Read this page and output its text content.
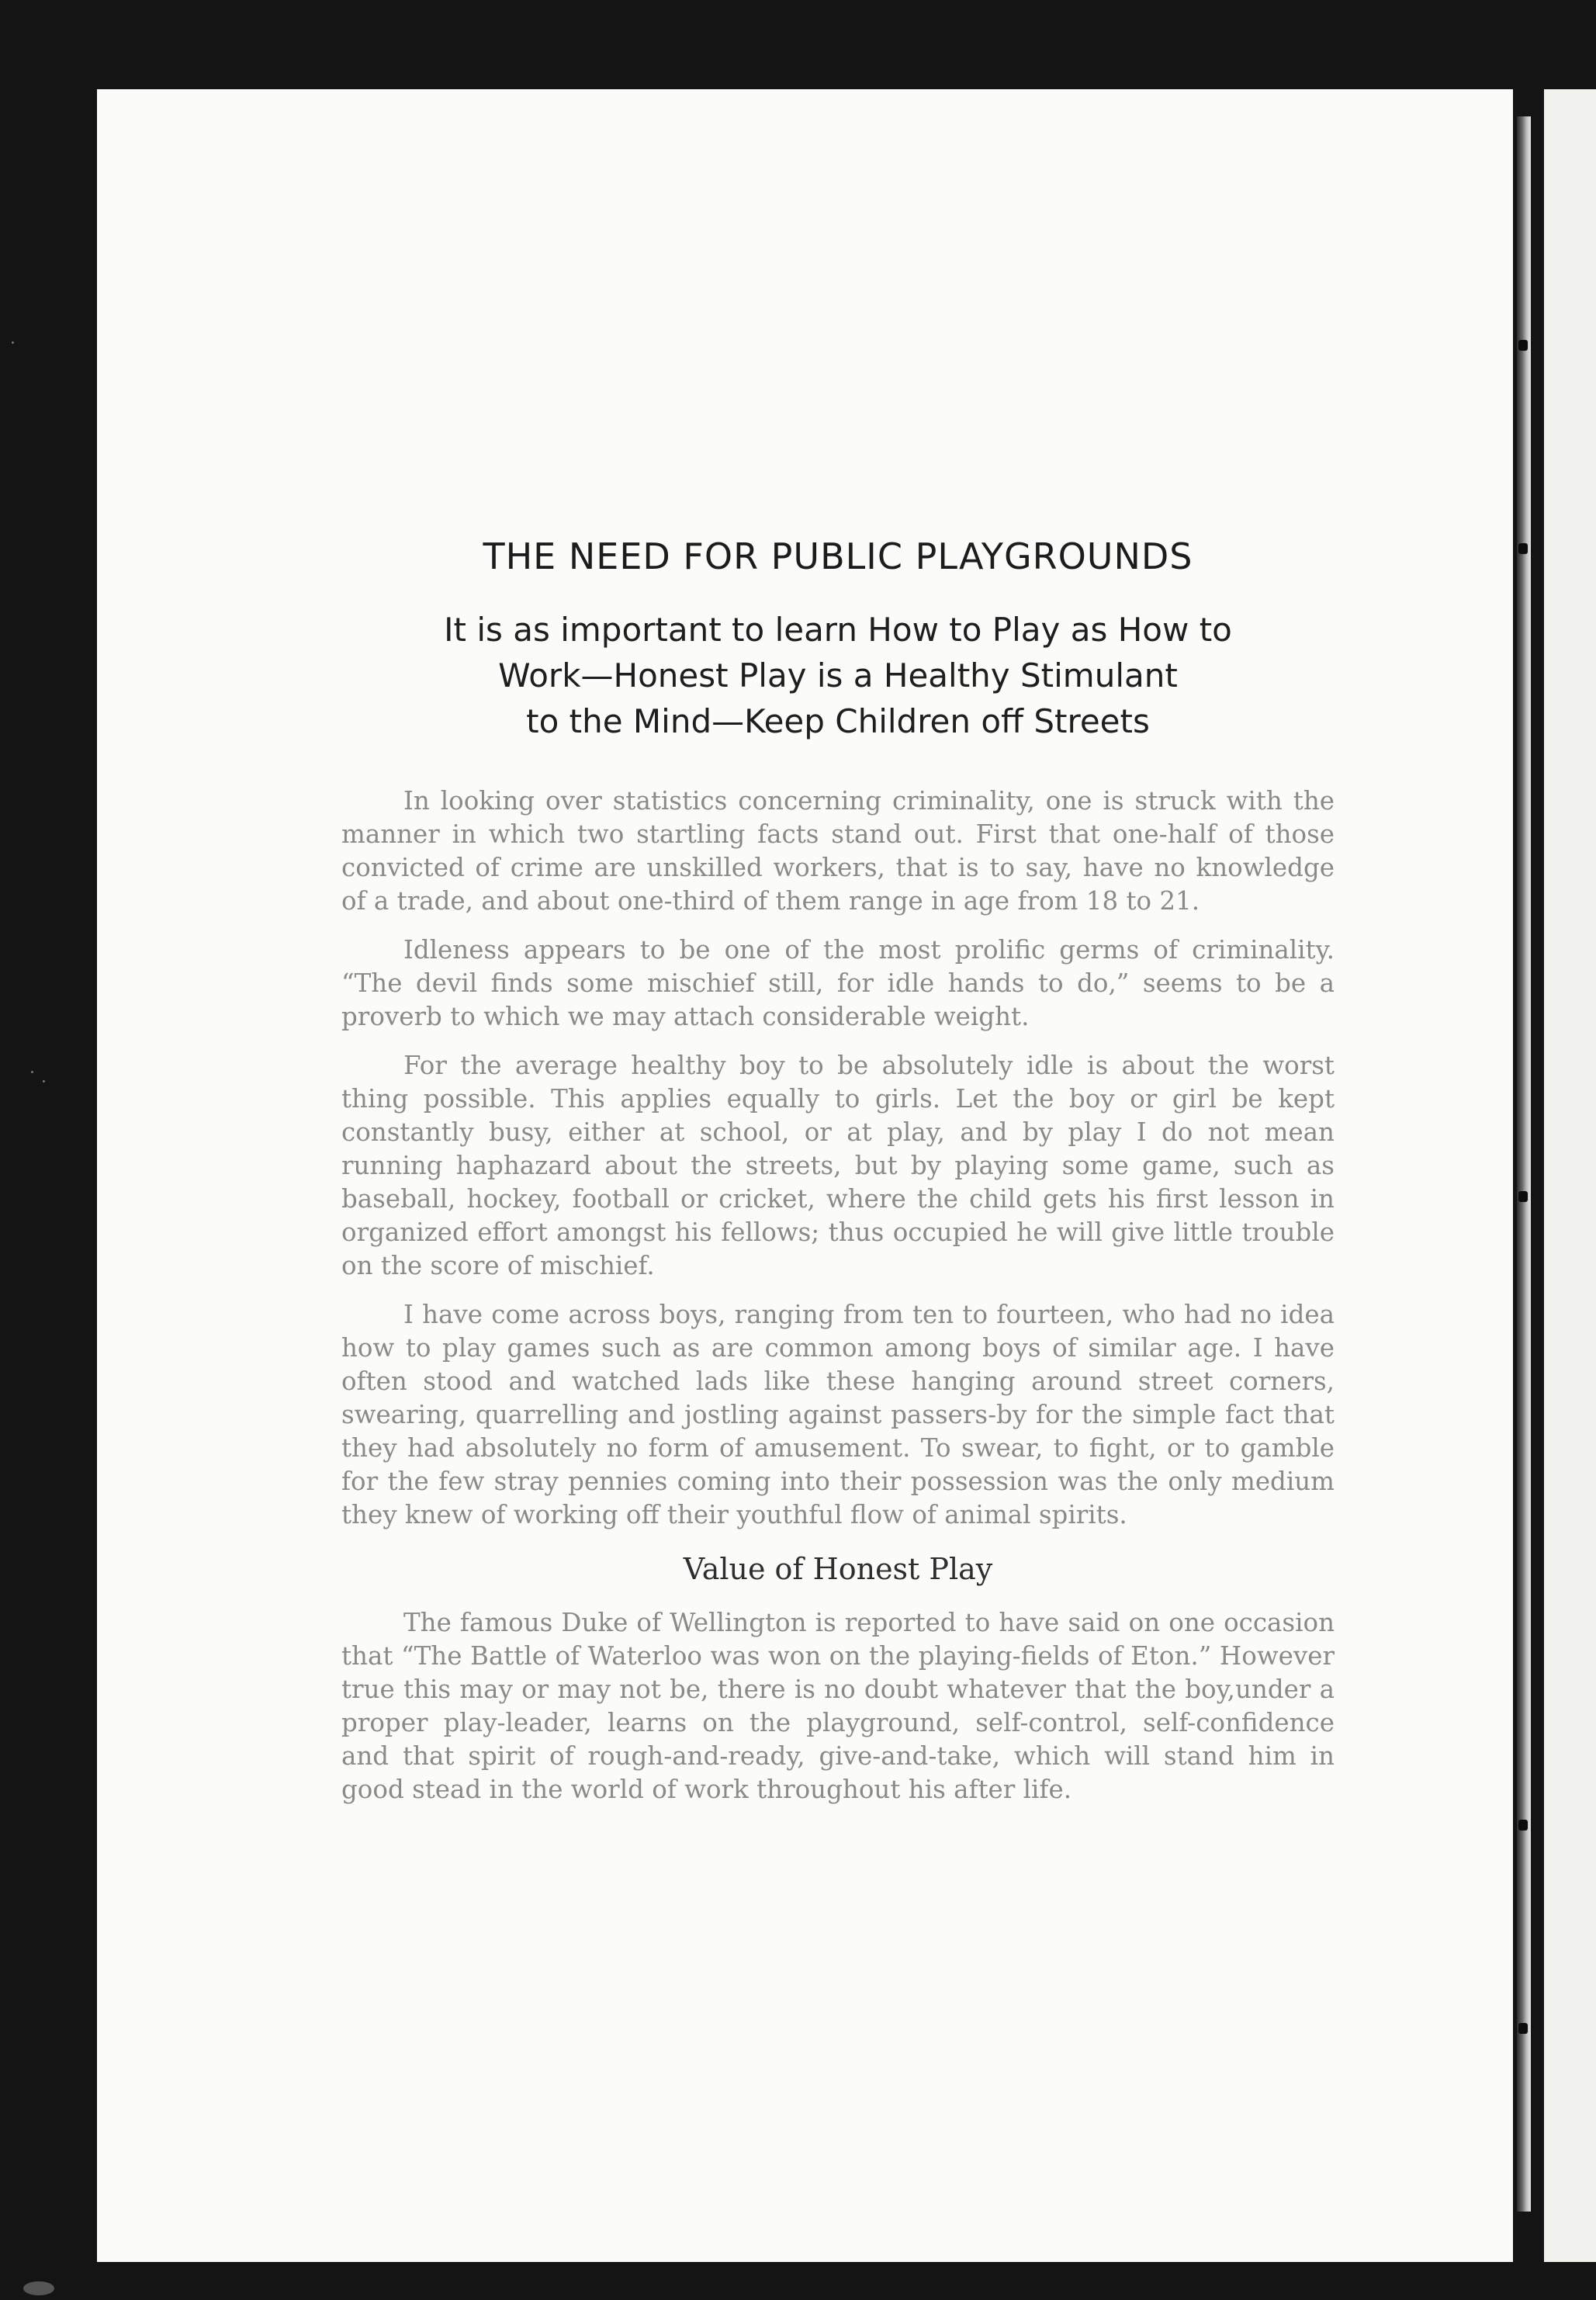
THE NEED FOR PUBLIC PLAYGROUNDS
It is as important to learn How to Play as How to
Work—Honest Play is a Healthy Stimulant
to the Mind—Keep Children off Streets

In looking over statistics concerning criminality, one is struck with the manner in which two startling facts stand out. First that one-half of those convicted of crime are unskilled workers, that is to say, have no knowledge of a trade, and about one-third of them range in age from 18 to 21.

Idleness appears to be one of the most prolific germs of criminality. “The devil finds some mischief still, for idle hands to do,” seems to be a proverb to which we may attach considerable weight.

For the average healthy boy to be absolutely idle is about the worst thing possible. This applies equally to girls. Let the boy or girl be kept constantly busy, either at school, or at play, and by play I do not mean running haphazard about the streets, but by playing some game, such as baseball, hockey, football or cricket, where the child gets his first lesson in organized effort amongst his fellows; thus occupied he will give little trouble on the score of mischief.

I have come across boys, ranging from ten to fourteen, who had no idea how to play games such as are common among boys of similar age. I have often stood and watched lads like these hanging around street corners, swearing, quarrelling and jostling against passers-by for the simple fact that they had absolutely no form of amusement. To swear, to fight, or to gamble for the few stray pennies coming into their possession was the only medium they knew of working off their youthful flow of animal spirits.

Value of Honest Play

The famous Duke of Wellington is reported to have said on one occasion that “The Battle of Waterloo was won on the playing-fields of Eton.” However true this may or may not be, there is no doubt whatever that the boy,under a proper play-leader, learns on the playground, self-control, self-confidence and that spirit of rough-and-ready, give-and-take, which will stand him in good stead in the world of work throughout his after life.
